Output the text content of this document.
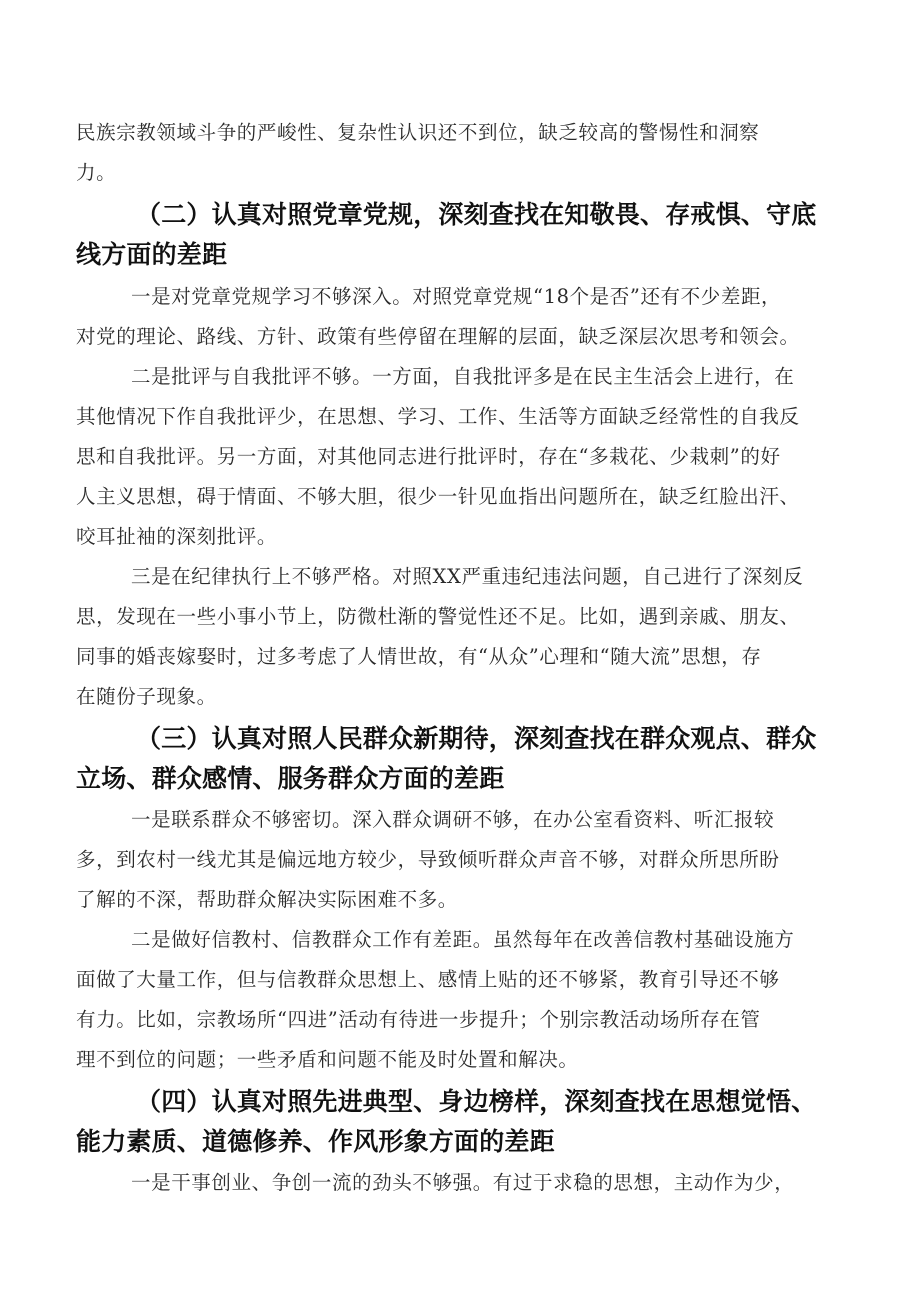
民族宗教领域斗争的严峻性、复杂性认识还不到位，缺乏较高的警惕性和洞察
力。
（二）认真对照党章党规，深刻查找在知敬畏、存戒惧、守底
线方面的差距
一是对党章党规学习不够深入。对照党章党规“18个是否”还有不少差距，
对党的理论、路线、方针、政策有些停留在理解的层面，缺乏深层次思考和领会。
二是批评与自我批评不够。一方面，自我批评多是在民主生活会上进行，在
其他情况下作自我批评少，在思想、学习、工作、生活等方面缺乏经常性的自我反
思和自我批评。另一方面，对其他同志进行批评时，存在“多栽花、少栽刺”的好
人主义思想，碍于情面、不够大胆，很少一针见血指出问题所在，缺乏红脸出汗、
咬耳扯袖的深刻批评。
三是在纪律执行上不够严格。对照XX严重违纪违法问题，自己进行了深刻反
思，发现在一些小事小节上，防微杜渐的警觉性还不足。比如，遇到亲戚、朋友、
同事的婚丧嫁娶时，过多考虑了人情世故，有“从众”心理和“随大流”思想，存
在随份子现象。
（三）认真对照人民群众新期待，深刻查找在群众观点、群众
立场、群众感情、服务群众方面的差距
一是联系群众不够密切。深入群众调研不够，在办公室看资料、听汇报较
多，到农村一线尤其是偏远地方较少，导致倾听群众声音不够，对群众所思所盼
了解的不深，帮助群众解决实际困难不多。
二是做好信教村、信教群众工作有差距。虽然每年在改善信教村基础设施方
面做了大量工作，但与信教群众思想上、感情上贴的还不够紧，教育引导还不够
有力。比如，宗教场所“四进”活动有待进一步提升；个别宗教活动场所存在管
理不到位的问题；一些矛盾和问题不能及时处置和解决。
（四）认真对照先进典型、身边榜样，深刻查找在思想觉悟、
能力素质、道德修养、作风形象方面的差距
一是干事创业、争创一流的劲头不够强。有过于求稳的思想，主动作为少，
